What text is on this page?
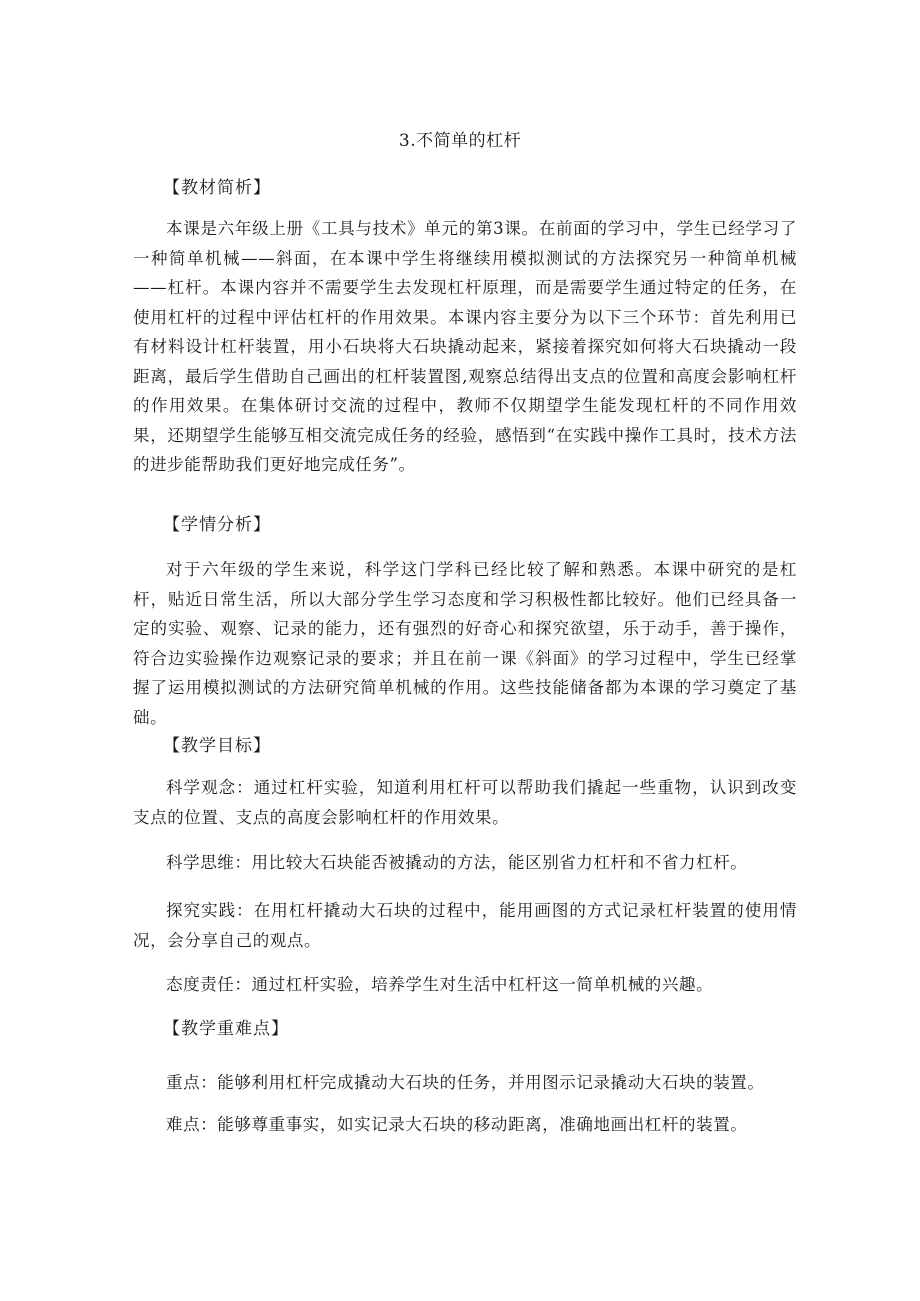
3.不简单的杠杆
【教材简析】
本课是六年级上册《工具与技术》单元的第3课。在前面的学习中，学生已经学习了一种简单机械——斜面，在本课中学生将继续用模拟测试的方法探究另一种简单机械——杠杆。本课内容并不需要学生去发现杠杆原理，而是需要学生通过特定的任务，在使用杠杆的过程中评估杠杆的作用效果。本课内容主要分为以下三个环节：首先利用已有材料设计杠杆装置，用小石块将大石块撬动起来，紧接着探究如何将大石块撬动一段距离，最后学生借助自己画出的杠杆装置图,观察总结得出支点的位置和高度会影响杠杆的作用效果。在集体研讨交流的过程中，教师不仅期望学生能发现杠杆的不同作用效果，还期望学生能够互相交流完成任务的经验，感悟到“在实践中操作工具时，技术方法的进步能帮助我们更好地完成任务”。
【学情分析】
对于六年级的学生来说，科学这门学科已经比较了解和熟悉。本课中研究的是杠杆，贴近日常生活，所以大部分学生学习态度和学习积极性都比较好。他们已经具备一定的实验、观察、记录的能力，还有强烈的好奇心和探究欲望，乐于动手，善于操作，符合边实验操作边观察记录的要求；并且在前一课《斜面》的学习过程中，学生已经掌握了运用模拟测试的方法研究简单机械的作用。这些技能储备都为本课的学习奠定了基础。
【教学目标】
科学观念：通过杠杆实验，知道利用杠杆可以帮助我们撬起一些重物，认识到改变支点的位置、支点的高度会影响杠杆的作用效果。
科学思维：用比较大石块能否被撬动的方法，能区别省力杠杆和不省力杠杆。
探究实践：在用杠杆撬动大石块的过程中，能用画图的方式记录杠杆装置的使用情况，会分享自己的观点。
态度责任：通过杠杆实验，培养学生对生活中杠杆这一简单机械的兴趣。
【教学重难点】
重点：能够利用杠杆完成撬动大石块的任务，并用图示记录撬动大石块的装置。
难点：能够尊重事实，如实记录大石块的移动距离，准确地画出杠杆的装置。
